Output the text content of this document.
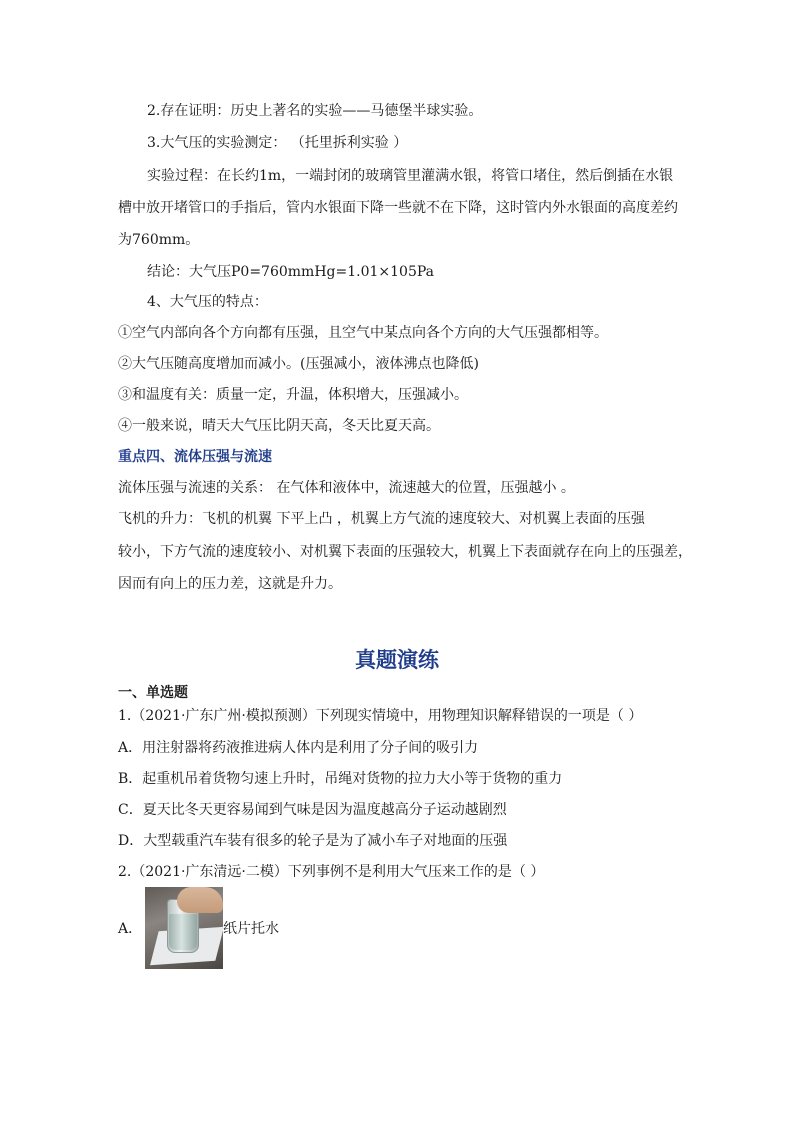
2.存在证明：历史上著名的实验——马德堡半球实验。
3.大气压的实验测定： （托里拆利实验 ）
实验过程：在长约1m，一端封闭的玻璃管里灌满水银，将管口堵住，然后倒插在水银
槽中放开堵管口的手指后，管内水银面下降一些就不在下降，这时管内外水银面的高度差约
为760mm。
结论：大气压P0=760mmHg=1.01×105Pa
4、大气压的特点：
①空气内部向各个方向都有压强，且空气中某点向各个方向的大气压强都相等。
②大气压随高度增加而减小。(压强减小，液体沸点也降低)
③和温度有关：质量一定，升温，体积增大，压强减小。
④一般来说，晴天大气压比阴天高，冬天比夏天高。
重点四、流体压强与流速
流体压强与流速的关系： 在气体和液体中，流速越大的位置，压强越小 。
飞机的升力：飞机的机翼 下平上凸 ，机翼上方气流的速度较大、对机翼上表面的压强
较小，下方气流的速度较小、对机翼下表面的压强较大，机翼上下表面就存在向上的压强差，
因而有向上的压力差，这就是升力。
真题演练
一、单选题
1.（2021·广东广州·模拟预测）下列现实情境中，用物理知识解释错误的一项是（ ）
A．用注射器将药液推进病人体内是利用了分子间的吸引力
B．起重机吊着货物匀速上升时，吊绳对货物的拉力大小等于货物的重力
C．夏天比冬天更容易闻到气味是因为温度越高分子运动越剧烈
D．大型载重汽车装有很多的轮子是为了减小车子对地面的压强
2.（2021·广东清远·二模）下列事例不是利用大气压来工作的是（ ）
A．	纸片托水
